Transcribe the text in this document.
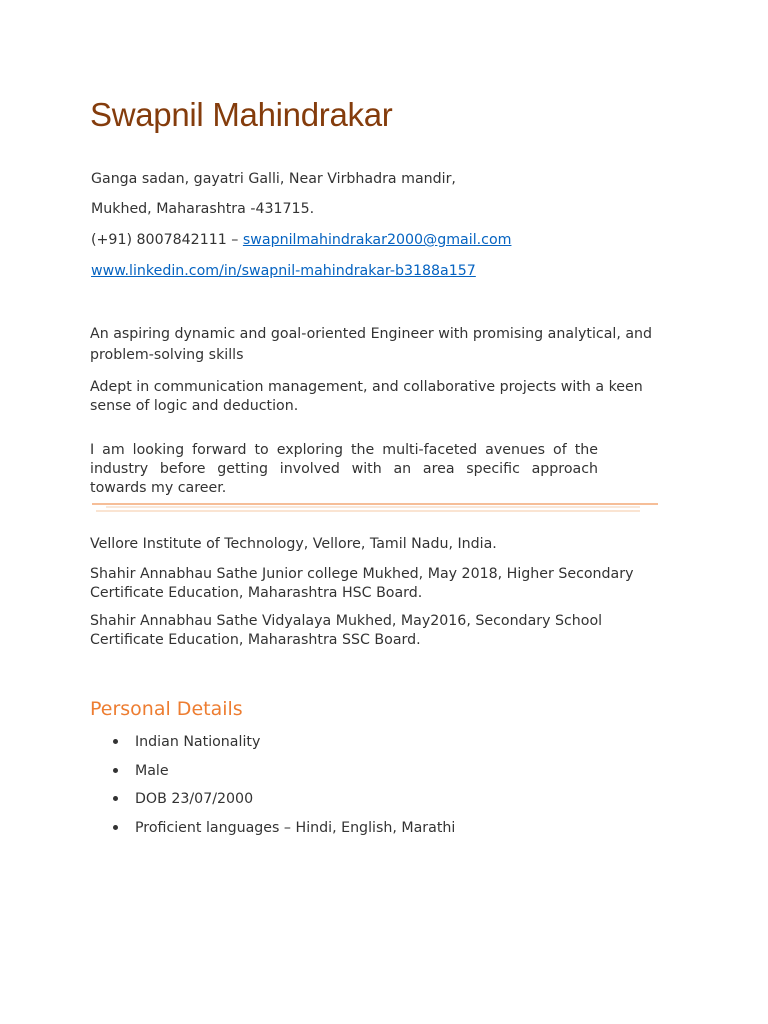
Swapnil Mahindrakar

Ganga sadan, gayatri Galli, Near Virbhadra mandir,

Mukhed, Maharashtra -431715.

(+91) 8007842111 – swapnilmahindrakar2000@gmail.com

www.linkedin.com/in/swapnil-mahindrakar-b3188a157

An aspiring dynamic and goal-oriented Engineer with promising analytical, and problem-solving skills

Adept in communication management, and collaborative projects with a keen sense of logic and deduction.

I am looking forward to exploring the multi-faceted avenues of the industry before getting involved with an area specific approach towards my career.

Vellore Institute of Technology, Vellore, Tamil Nadu, India.

Shahir Annabhau Sathe Junior college Mukhed, May 2018, Higher Secondary Certificate Education, Maharashtra HSC Board.

Shahir Annabhau Sathe Vidyalaya Mukhed, May2016, Secondary School Certificate Education, Maharashtra SSC Board.

Personal Details
Indian Nationality
Male
DOB 23/07/2000
Proficient languages – Hindi, English, Marathi
